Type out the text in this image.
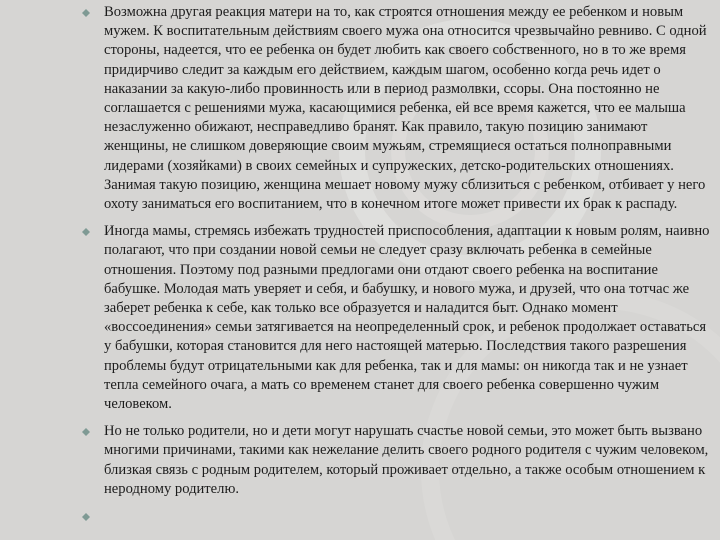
Возможна другая реакция матери на то, как строятся отношения между ее ребенком и новым мужем. К воспитательным действиям своего мужа она относится чрезвычайно ревниво. С одной стороны, надеется, что ее ребенка он будет любить как своего собственного, но в то же время придирчиво следит за каждым его действием, каждым шагом, особенно когда речь идет о наказании за какую-либо провинность или в период размолвки, ссоры. Она постоянно не соглашается с решениями мужа, касающимися ребенка, ей все время кажется, что ее малыша незаслуженно обижают, несправедливо бранят. Как правило, такую позицию занимают женщины, не слишком доверяющие своим мужьям, стремящиеся остаться полноправными лидерами (хозяйками) в своих семейных и супружеских, детско-родительских отношениях. Занимая такую позицию, женщина мешает новому мужу сблизиться с ребенком, отбивает у него охоту заниматься его воспитанием, что в конечном итоге может привести их брак к распаду.
Иногда мамы, стремясь избежать трудностей приспособления, адаптации к новым ролям, наивно полагают, что при создании новой семьи не следует сразу включать ребенка в семейные отношения. Поэтому под разными предлогами они отдают своего ребенка на воспитание бабушке. Молодая мать уверяет и себя, и бабушку, и нового мужа, и друзей, что она тотчас же заберет ребенка к себе, как только все образуется и наладится быт. Однако момент «воссоединения» семьи затягивается на неопределенный срок, и ребенок продолжает оставаться у бабушки, которая становится для него настоящей матерью. Последствия такого разрешения проблемы будут отрицательными как для ребенка, так и для мамы: он никогда так и не узнает тепла семейного очага, а мать со временем станет для своего ребенка совершенно чужим человеком.
Но не только родители, но и дети могут нарушать счастье новой семьи, это может быть вызвано многими причинами, такими как нежелание делить своего родного родителя с чужим человеком, близкая связь с родным родителем, который проживает отдельно, а также особым отношением к неродному родителю.
